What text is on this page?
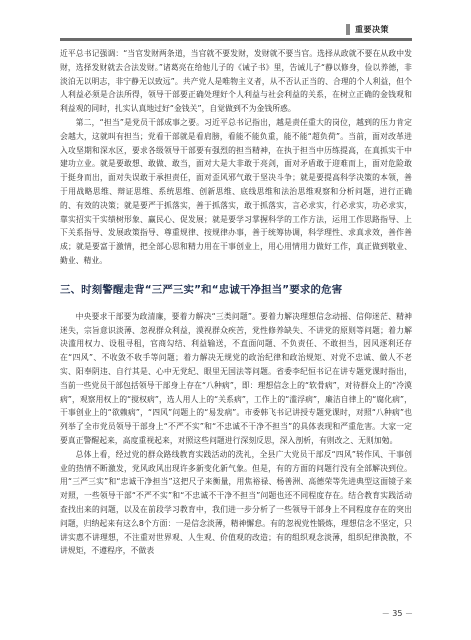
重要决策

近平总书记强调：“当官发财两条道，当官就不要发财，发财就不要当官。选择从政就不要在从政中发财，选择发财就去合法发财。”诸葛亮在给他儿子的《诫子书》里，告诫儿子“静以修身，俭以养德，非淡泊无以明志，非宁静无以致远”。共产党人是唯物主义者，从不否认正当的、合理的个人利益，但个人利益必须是合法所得，领导干部要正确处理好个人利益与社会利益的关系，在树立正确的金钱观和利益观的同时，扎实认真地过好“金钱关”，自觉做到不为金钱所惑。

第二，“担当”是党员干部成事之要。习近平总书记指出，越是责任重大的岗位，越到的压力肯定会越大，这就叫有担当；党看干部就是看肩膀，看能不能负重，能不能“超负荷”。当前，面对改革进入攻坚期和深水区，要求各级领导干部要有强烈的担当精神，在执于担当中历练提高，在真抓实干中建功立业。就是要敢想、敢做、敢当，面对大是大非敢于亮剑，面对矛盾敢于迎难而上，面对危险敢于挺身而出，面对失误敢于承担责任，面对歪风邪气敢于坚决斗争；就是要提高科学决策的本领，善于用战略思维、辩证思维、系统思维、创新思维、底线思维和法治思维观察和分析问题，进行正确的、有效的决策；就是要严于抓落实，善于抓落实，敢于抓落实，言必求实，行必求实，功必求实，靠实招实干实绩树形象、赢民心、促发展；就是要学习掌握科学的工作方法，运用工作思路指导、上下关系指导、发展政策指导、尊重规律、按规律办事，善于统筹协调，科学理性、求真求效，善作善成；就是要富于激情，把全部心思和精力用在干事创业上，用心用情用力做好工作，真正做到敬业、勤业、精业。

三、时刻警醒走背“三严三实”和“忠诚干净担当”要求的危害

中央要求干部要为政清廉，要着力解决“三类问题”。要着力解决理想信念动摇、信仰迷茫、精神迷失，宗旨意识淡薄、忽视群众利益，漠视群众疾苦，党性修养缺失、不讲党的原则等问题；着力解决滥用权力、设租寻租，官商勾结、利益输送，不直面问题、不负责任、不敢担当，因风逐利还存在“四风”、不收敛不收手等问题；着力解决无规党的政治纪律和政治规矩、对党不忠诚、做人不老实、阳奉阴违、自行其是、心中无党纪、眼里无国法等问题。省委李纪恒书记在讲专题党课时指出，当前一些党员干部包括领导干部身上存在“八种病”，即：理想信念上的“软骨病”，对待群众上的“冷漠病”，观察用权上的“搅权病”，选人用人上的“关系病”，工作上的“滥浮病”，廉洁自律上的“腐化病”，干事创业上的“欲赖病”，“四风”问题上的“易发病”。市委韩飞书记讲授专题党课时，对照“八种病”也列举了全市党员领导干部身上“不严不实”和“不忠诚不干净不担当”的具体表现和严重危害。大家一定要真正警醒起来，高度重视起来，对照这些问题进行深刻反思，深入剖析，有则改之、无则加勉。

总体上看，经过党的群众路线教育实践活动的洗礼，全县广大党员干部反“四风”转作风、干事创业的热情不断激发，党风政风出现许多新变化新气象。但是，有的方面的问题行没有全部解决到位。用“三严三实”和“忠诚干净担当”这把尺子来衡量，用焦裕禄、杨善洲、高德荣等先进典型这面镜子来对照，一些领导干部“不严不实”和“不忠诚不干净不担当”问题也还不同程度存在。结合教育实践活动查找出来的问题，以及在前段学习教育中，我们进一步分析了一些领导干部身上不同程度存在的突出问题，归纳起来有这么8个方面：一是信念淡薄，精神懈怠。有的忽视党性锻炼，理想信念不坚定，只讲实惠不讲理想，不注重对世界观、人生观、价值观的改造；有的组织观念淡薄，组织纪律涣散，不讲规矩，不遵程序，不做表

－ 35 －
